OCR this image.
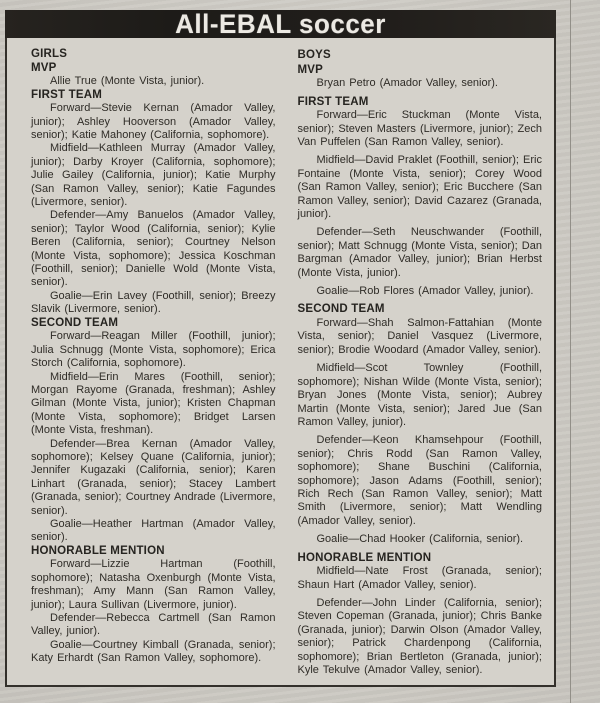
All-EBAL soccer
GIRLS
MVP

Allie True (Monte Vista, junior).

FIRST TEAM

Forward—Stevie Kernan (Amador Valley, junior); Ashley Hooverson (Amador Valley, senior); Katie Mahoney (California, sophomore).

Midfield—Kathleen Murray (Amador Valley, junior); Darby Kroyer (California, sophomore); Julie Gailey (California, junior); Katie Murphy (San Ramon Valley, senior); Katie Fagundes (Livermore, senior).

Defender—Amy Banuelos (Amador Valley, senior); Taylor Wood (California, senior); Kylie Beren (California, senior); Courtney Nelson (Monte Vista, sophomore); Jessica Koschman (Foothill, senior); Danielle Wold (Monte Vista, senior).

Goalie—Erin Lavey (Foothill, senior); Breezy Slavik (Livermore, senior).

SECOND TEAM

Forward—Reagan Miller (Foothill, junior); Julia Schnugg (Monte Vista, sophomore); Erica Storch (California, sophomore).

Midfield—Erin Mares (Foothill, senior); Morgan Rayome (Granada, freshman); Ashley Gilman (Monte Vista, junior); Kristen Chapman (Monte Vista, sophomore); Bridget Larsen (Monte Vista, freshman).

Defender—Brea Kernan (Amador Valley, sophomore); Kelsey Quane (California, junior); Jennifer Kugazaki (California, senior); Karen Linhart (Granada, senior); Stacey Lambert (Granada, senior); Courtney Andrade (Livermore, senior).

Goalie—Heather Hartman (Amador Valley, senior).

HONORABLE MENTION

Forward—Lizzie Hartman (Foothill, sophomore); Natasha Oxenburgh (Monte Vista, freshman); Amy Mann (San Ramon Valley, junior); Laura Sullivan (Livermore, junior).

Defender—Rebecca Cartmell (San Ramon Valley, junior).

Goalie—Courtney Kimball (Granada, senior); Katy Erhardt (San Ramon Valley, sophomore).

BOYS
MVP

Bryan Petro (Amador Valley, senior).

FIRST TEAM

Forward—Eric Stuckman (Monte Vista, senior); Steven Masters (Livermore, junior); Zech Van Puffelen (San Ramon Valley, senior).

Midfield—David Praklet (Foothill, senior); Eric Fontaine (Monte Vista, senior); Corey Wood (San Ramon Valley, senior); Eric Bucchere (San Ramon Valley, senior); David Cazarez (Granada, junior).

Defender—Seth Neuschwander (Foothill, senior); Matt Schnugg (Monte Vista, senior); Dan Bargman (Amador Valley, junior); Brian Herbst (Monte Vista, junior).

Goalie—Rob Flores (Amador Valley, junior).

SECOND TEAM

Forward—Shah Salmon-Fattahian (Monte Vista, senior); Daniel Vasquez (Livermore, senior); Brodie Woodard (Amador Valley, senior).

Midfield—Scot Townley (Foothill, sophomore); Nishan Wilde (Monte Vista, senior); Bryan Jones (Monte Vista, senior); Aubrey Martin (Monte Vista, senior); Jared Jue (San Ramon Valley, junior).

Defender—Keon Khamsehpour (Foothill, senior); Chris Rodd (San Ramon Valley, sophomore); Shane Buschini (California, sophomore); Jason Adams (Foothill, senior); Rich Rech (San Ramon Valley, senior); Matt Smith (Livermore, senior); Matt Wendling (Amador Valley, senior).

Goalie—Chad Hooker (California, senior).

HONORABLE MENTION

Midfield—Nate Frost (Granada, senior); Shaun Hart (Amador Valley, senior).

Defender—John Linder (California, senior); Steven Copeman (Granada, junior); Chris Banke (Granada, junior); Darwin Olson (Amador Valley, senior); Patrick Chardenpong (California, sophomore); Brian Bertleton (Granada, junior); Kyle Tekulve (Amador Valley, senior).
